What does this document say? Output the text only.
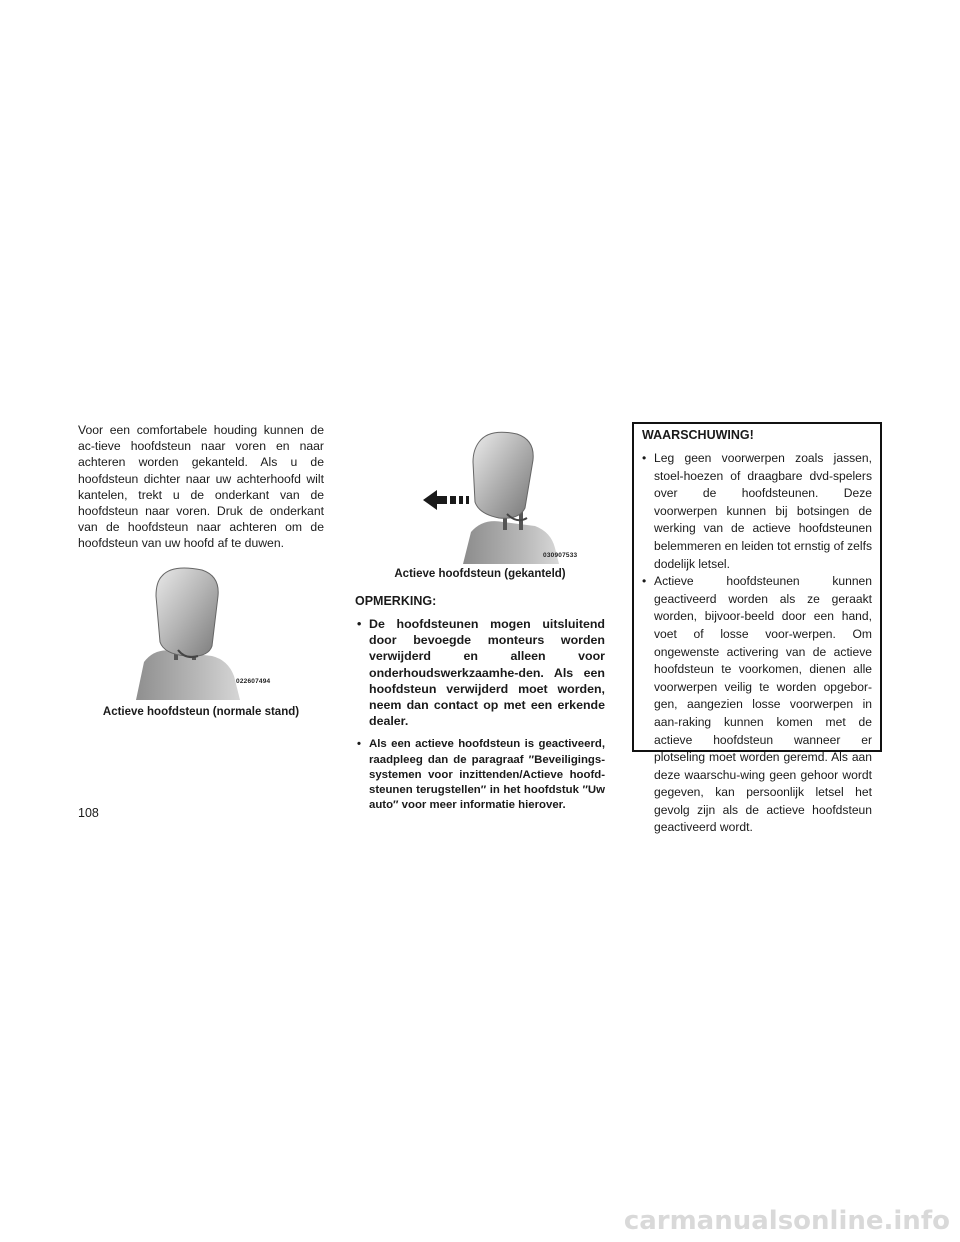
Voor een comfortabele houding kunnen de ac-tieve hoofdsteun naar voren en naar achteren worden gekanteld. Als u de hoofdsteun dichter naar uw achterhoofd wilt kantelen, trekt u de onderkant van de hoofdsteun naar voren. Druk de onderkant van de hoofdsteun naar achteren om de hoofdsteun van uw hoofd af te duwen.

022607494
Actieve hoofdsteun (normale stand)
030907533
Actieve hoofdsteun (gekanteld)
OPMERKING:
• De hoofdsteunen mogen uitsluitend door bevoegde monteurs worden verwijderd en alleen voor onderhoudswerkzaamhe-den. Als een hoofdsteun verwijderd moet worden, neem dan contact op met een erkende dealer.
• Als een actieve hoofdsteun is geactiveerd, raadpleeg dan de paragraaf ″Beveiligings-systemen voor inzittenden/Actieve hoofd-steunen terugstellen″ in het hoofdstuk ″Uw auto″ voor meer informatie hierover.
WAARSCHUWING!
• Leg geen voorwerpen zoals jassen, stoel-hoezen of draagbare dvd-spelers over de hoofdsteunen. Deze voorwerpen kunnen bij botsingen de werking van de actieve hoofdsteunen belemmeren en leiden tot ernstig of zelfs dodelijk letsel.
• Actieve hoofdsteunen kunnen geactiveerd worden als ze geraakt worden, bijvoor-beeld door een hand, voet of losse voor-werpen. Om ongewenste activering van de actieve hoofdsteun te voorkomen, dienen alle voorwerpen veilig te worden opgebor-gen, aangezien losse voorwerpen in aan-raking kunnen komen met de actieve hoofdsteun wanneer er plotseling moet worden geremd. Als aan deze waarschu-wing geen gehoor wordt gegeven, kan persoonlijk letsel het gevolg zijn als de actieve hoofdsteun geactiveerd wordt.
108
carmanualsonline.info
